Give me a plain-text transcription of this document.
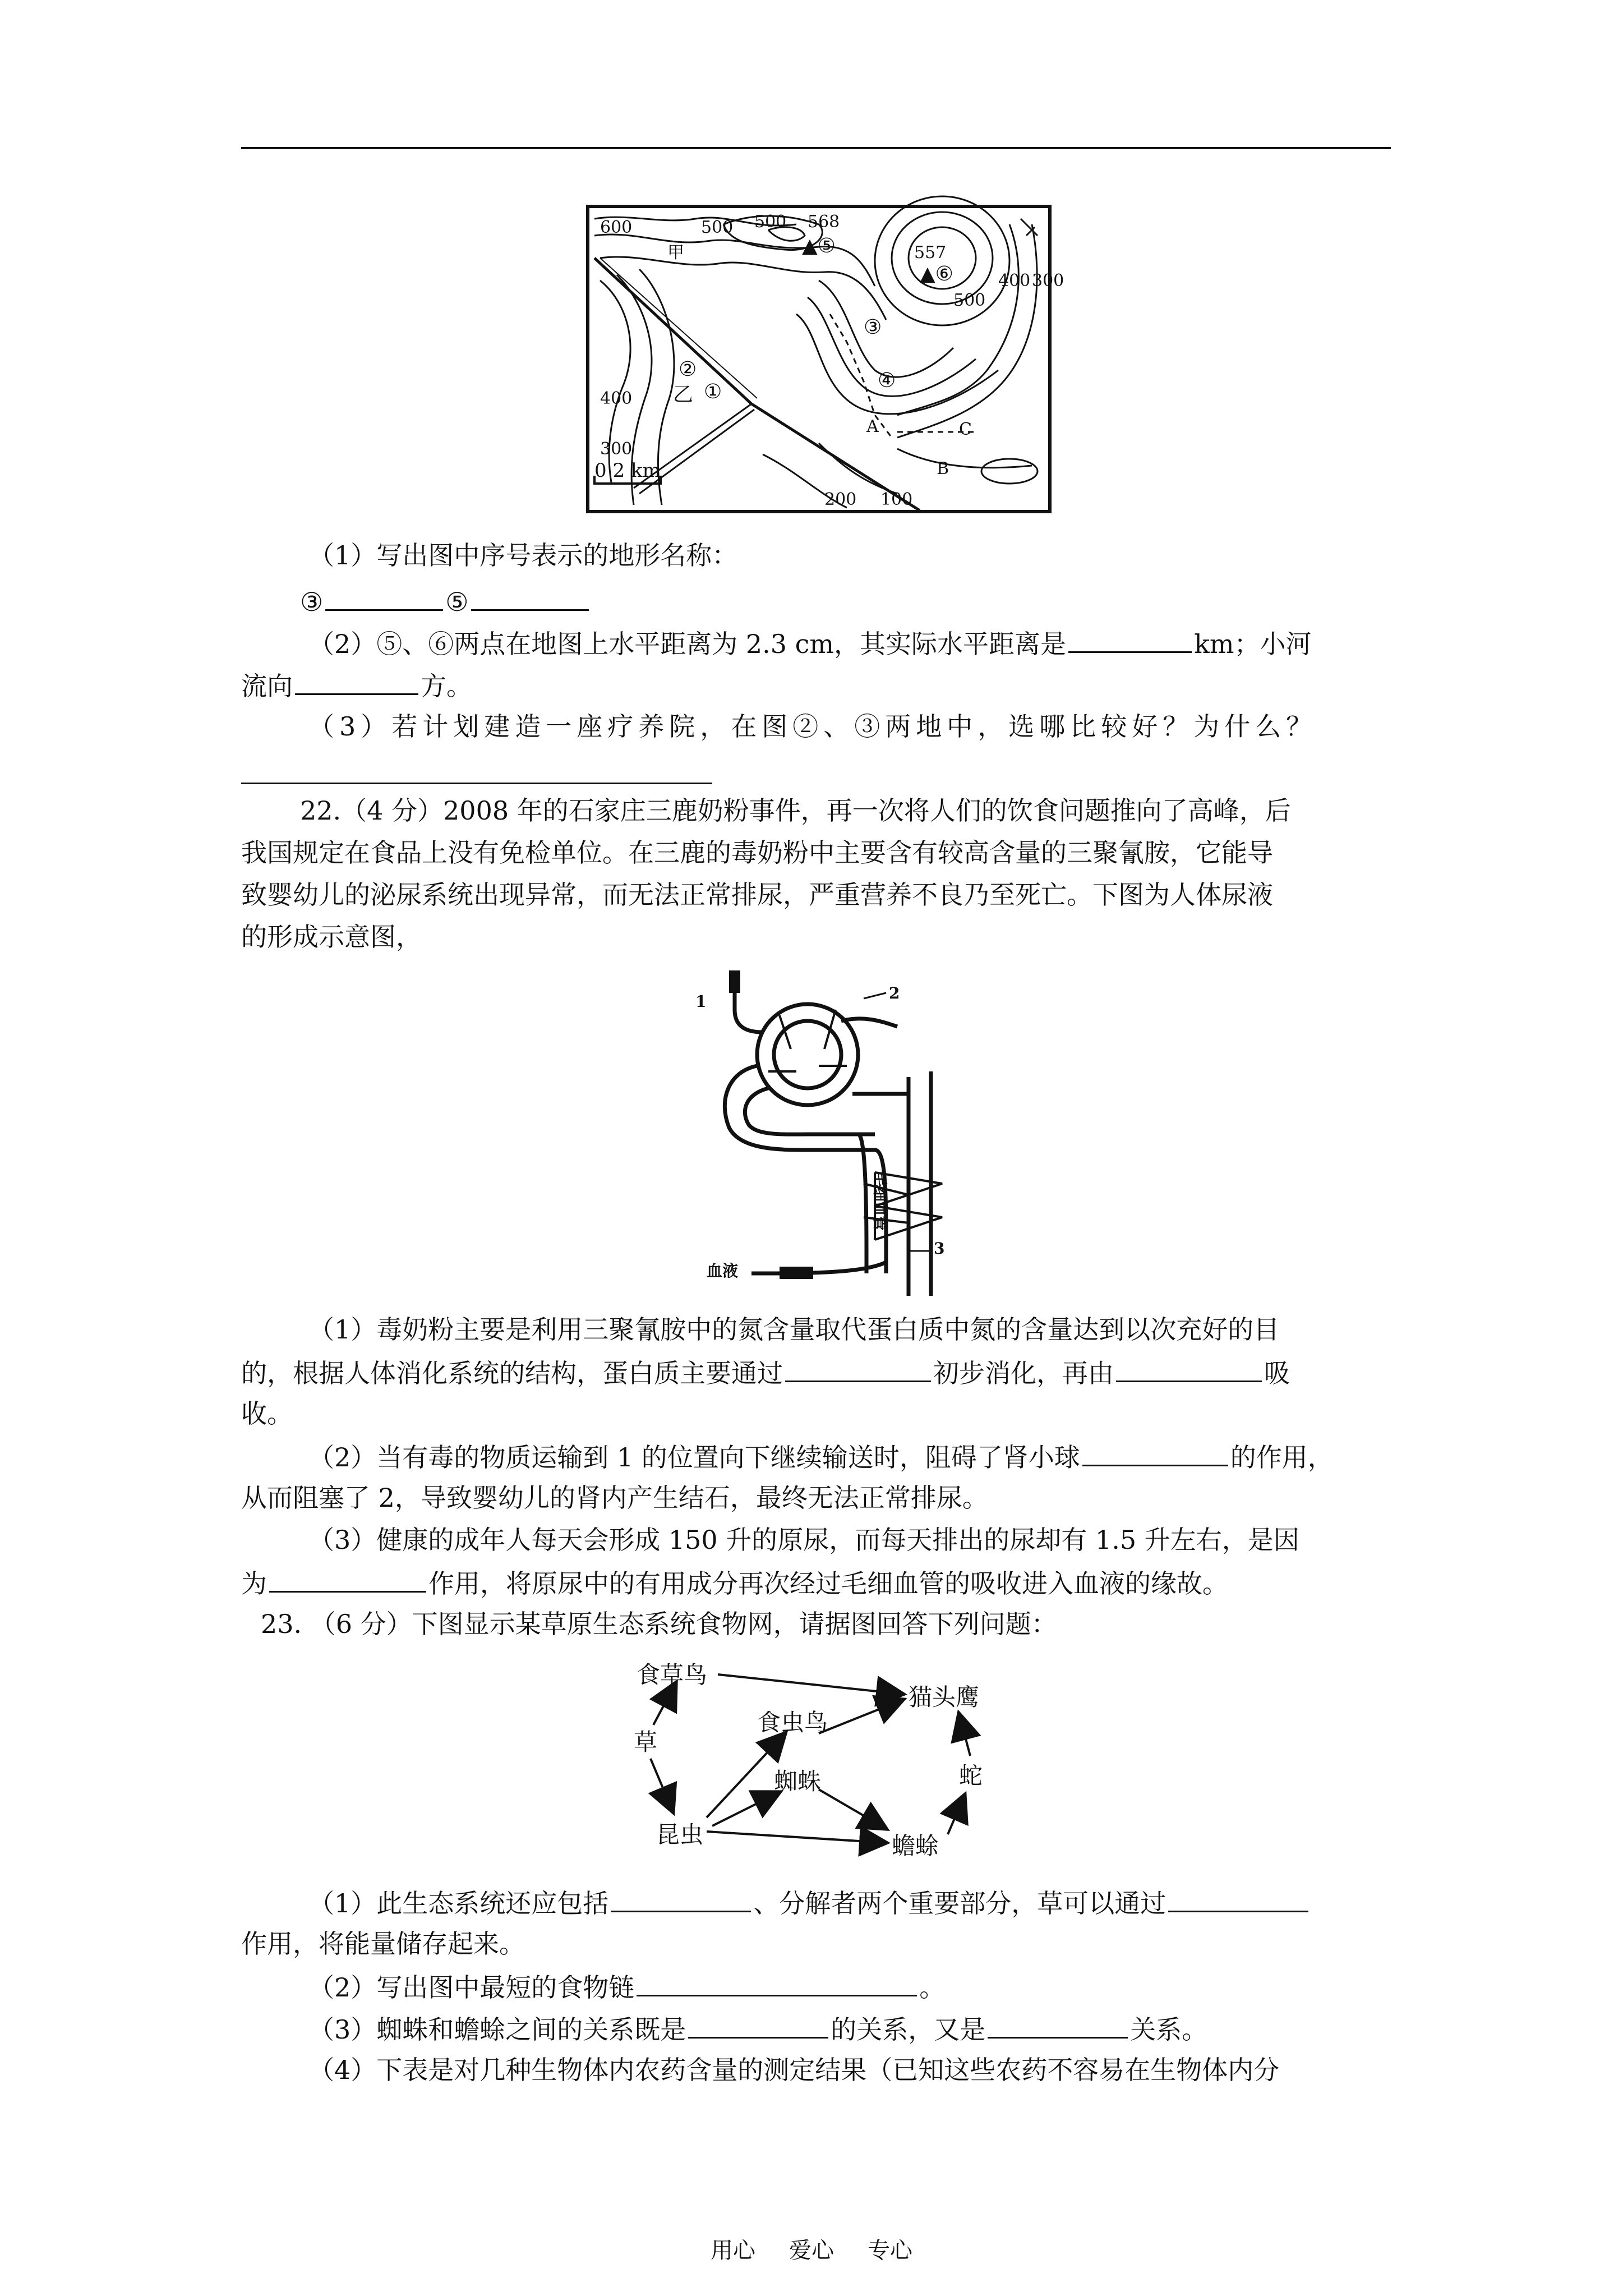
600	500 500 568
▲⑤
甲	557
▲⑥
500
400 300
③
④
②
乙 ①
400
300
A	C
B
200 100
0 2 km
（1）写出图中序号表示的地形名称：
③	⑤
（2）⑤、⑥两点在地图上水平距离为 2.3 cm，其实际水平距离是	km；小河
流向	方。
（3）若计划建造一座疗养院，在图②、③两地中，选哪比较好？为什么？
22.（4 分）2008 年的石家庄三鹿奶粉事件，再一次将人们的饮食问题推向了高峰，后
我国规定在食品上没有免检单位。在三鹿的毒奶粉中主要含有较高含量的三聚氰胺，它能导
致婴幼儿的泌尿系统出现异常，而无法正常排尿，严重营养不良乃至死亡。下图为人体尿液
的形成示意图，
1	2
3
血液
毛细血管
（1）毒奶粉主要是利用三聚氰胺中的氮含量取代蛋白质中氮的含量达到以次充好的目
的，根据人体消化系统的结构，蛋白质主要通过	初步消化，再由	吸
收。
（2）当有毒的物质运输到 1 的位置向下继续输送时，阻碍了肾小球	的作用，
从而阻塞了 2，导致婴幼儿的肾内产生结石，最终无法正常排尿。
（3）健康的成年人每天会形成 150 升的原尿，而每天排出的尿却有 1.5 升左右，是因
为	作用，将原尿中的有用成分再次经过毛细血管的吸收进入血液的缘故。
23. （6 分）下图显示某草原生态系统食物网，请据图回答下列问题：
草
食草鸟
猫头鹰
食虫鸟
蜘蛛	蛇
昆虫	蟾蜍
（1）此生态系统还应包括	、分解者两个重要部分，草可以通过
作用，将能量储存起来。
（2）写出图中最短的食物链	。
（3）蜘蛛和蟾蜍之间的关系既是	的关系，又是	关系。
（4）下表是对几种生物体内农药含量的测定结果（已知这些农药不容易在生物体内分
用心 爱心 专心
